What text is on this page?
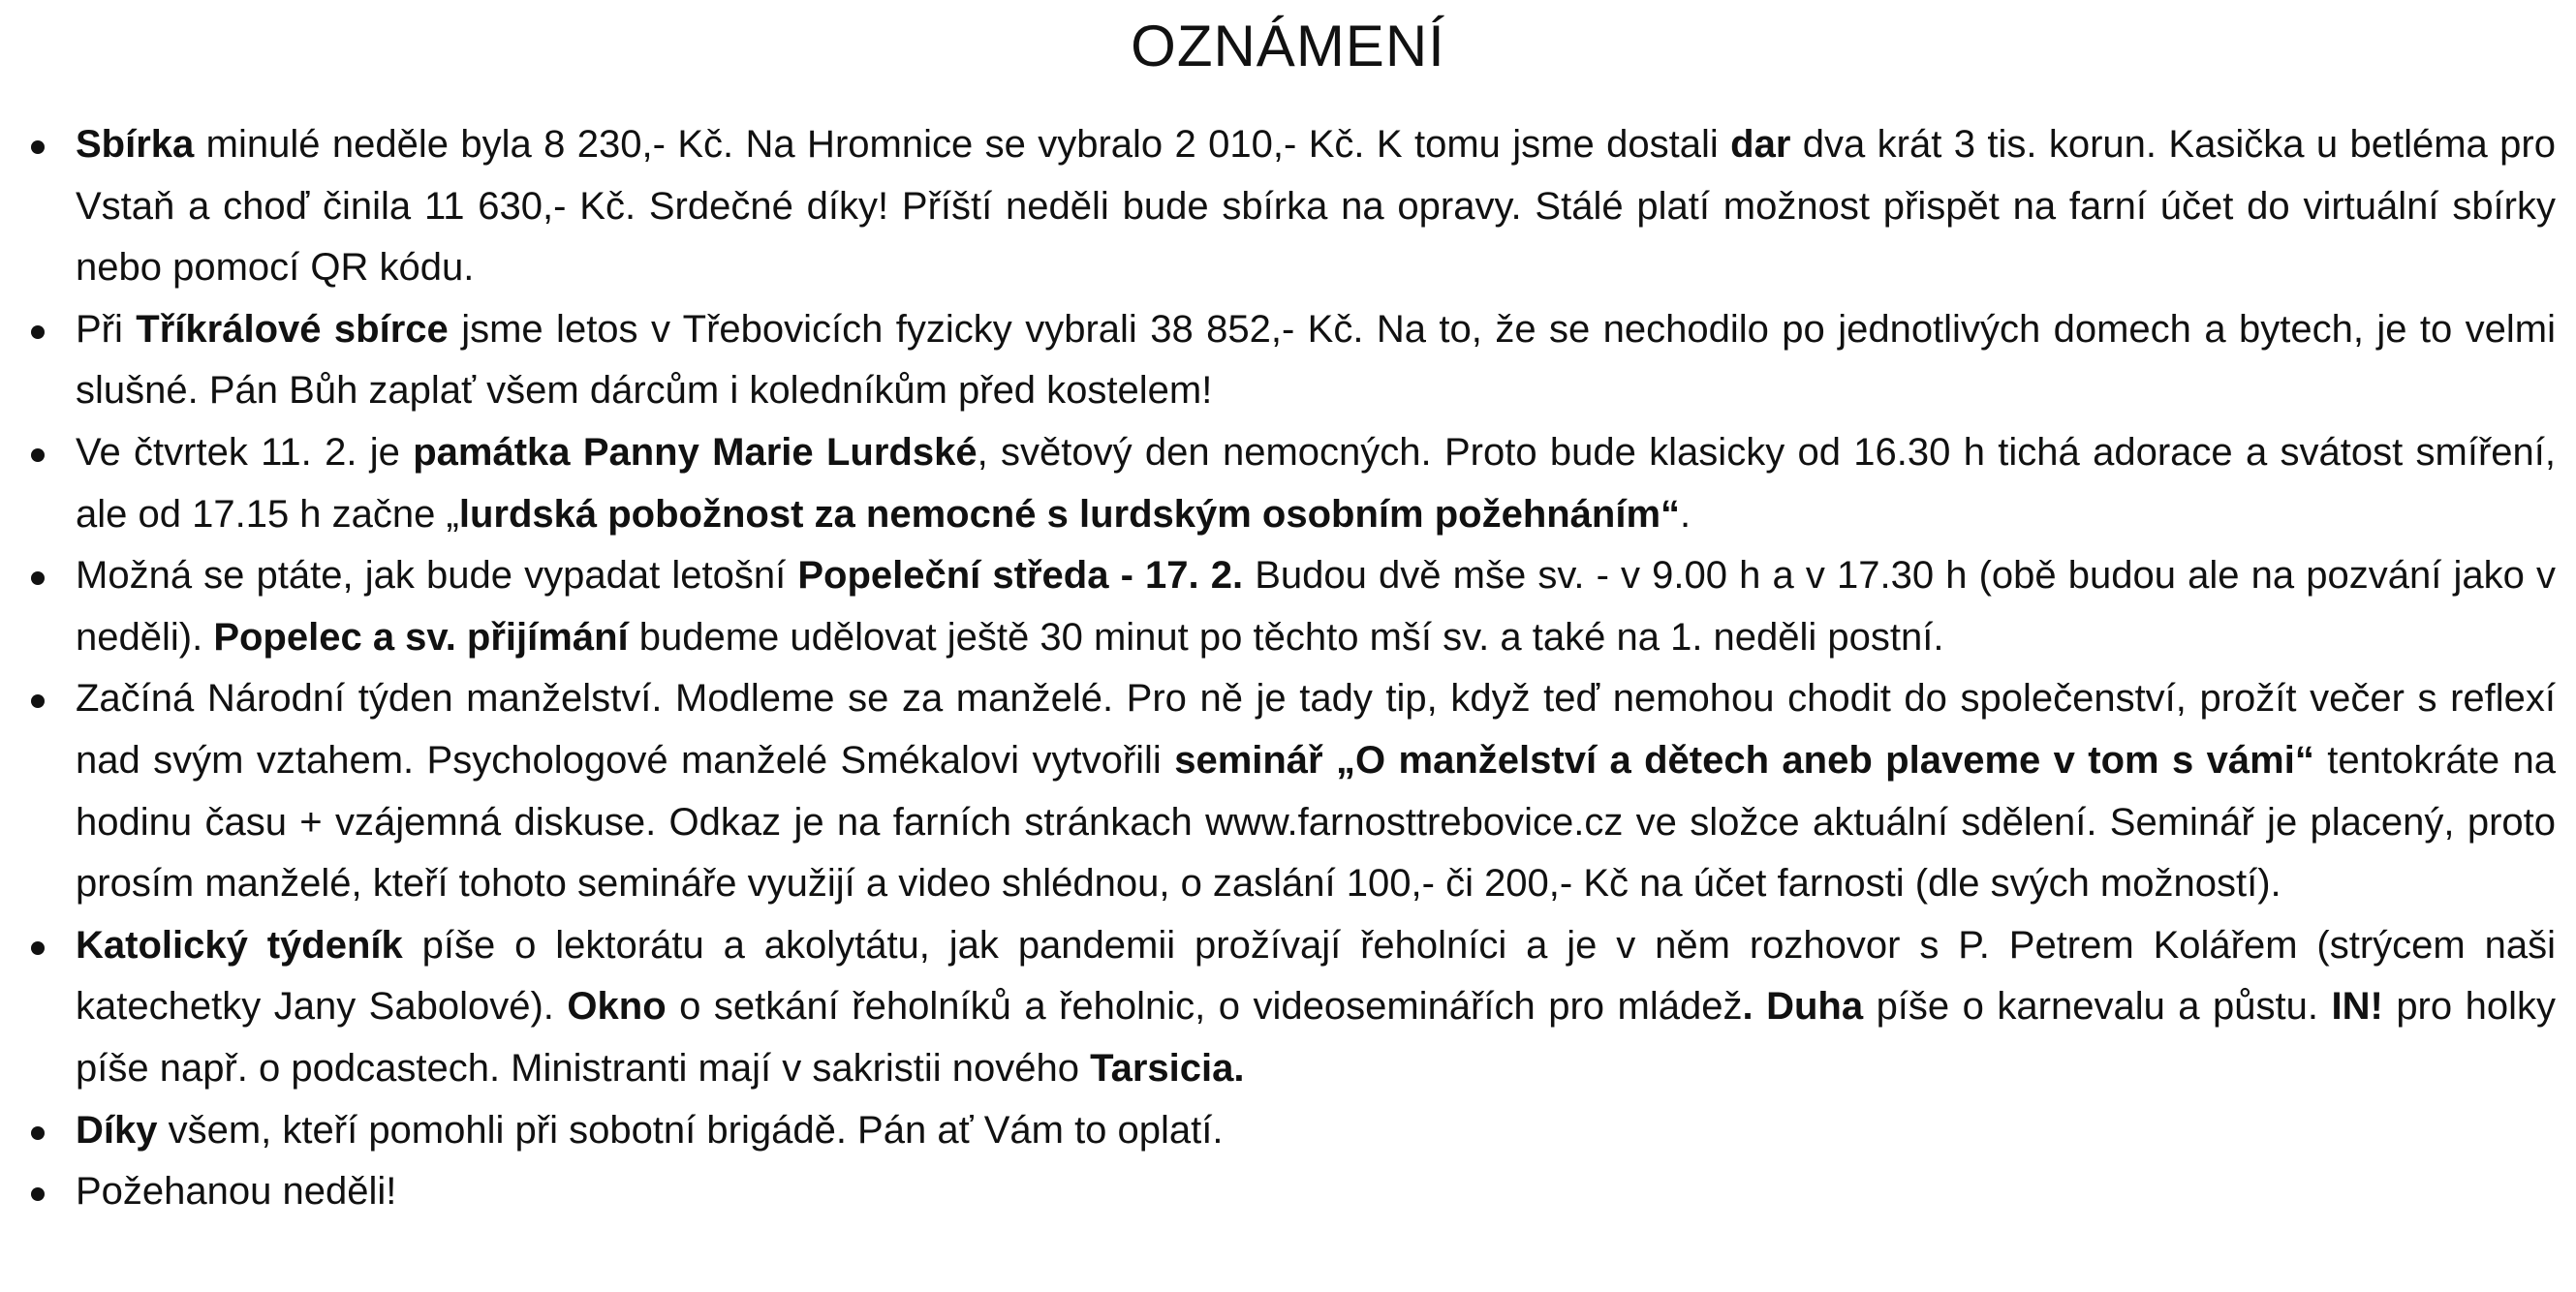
OZNÁMENÍ
Sbírka minulé neděle byla 8 230,- Kč. Na Hromnice se vybralo 2 010,- Kč. K tomu jsme dostali dar dva krát 3 tis. korun. Kasička u betléma pro Vstaň a choď činila 11 630,- Kč. Srdečné díky! Příští neděli bude sbírka na opravy. Stálé platí možnost přispět na farní účet do virtuální sbírky nebo pomocí QR kódu.
Při Tříkrálové sbírce jsme letos v Třebovicích fyzicky vybrali 38 852,- Kč. Na to, že se nechodilo po jednotlivých domech a bytech, je to velmi slušné. Pán Bůh zaplať všem dárcům i koledníkům před kostelem!
Ve čtvrtek 11. 2. je památka Panny Marie Lurdské, světový den nemocných. Proto bude klasicky od 16.30 h tichá adorace a svátost smíření, ale od 17.15 h začne „lurdská pobožnost za nemocné s lurdským osobním požehnáním“.
Možná se ptáte, jak bude vypadat letošní Popeleční středa - 17. 2. Budou dvě mše sv. - v 9.00 h a v 17.30 h (obě budou ale na pozvání jako v neděli). Popelec a sv. přijímání budeme udělovat ještě 30 minut po těchto mší sv. a také na 1. neděli postní.
Začíná Národní týden manželství. Modleme se za manželé. Pro ně je tady tip, když teď nemohou chodit do společenství, prožít večer s reflexí nad svým vztahem. Psychologové manželé Smékalovi vytvořili seminář „O manželství a dětech aneb plaveme v tom s vámi“ tentokráte na hodinu času + vzájemná diskuse. Odkaz je na farních stránkach www.farnosttrebovice.cz ve složce aktuální sdělení. Seminář je placený, proto prosím manželé, kteří tohoto semináře využijí a video shlédnou, o zaslání 100,- či 200,- Kč na účet farnosti (dle svých možností).
Katolický týdeník píše o lektorátu a akolytátu, jak pandemii prožívají řeholníci a je v něm rozhovor s P. Petrem Kolářem (strýcem naši katechetky Jany Sabolové). Okno o setkání řeholníků a řeholnic, o videoseminářích pro mládež. Duha píše o karnevalu a půstu. IN! pro holky píše např. o podcastech. Ministranti mají v sakristii nového Tarsicia.
Díky všem, kteří pomohli při sobotní brigádě. Pán ať Vám to oplatí.
Požehanou neděli!
